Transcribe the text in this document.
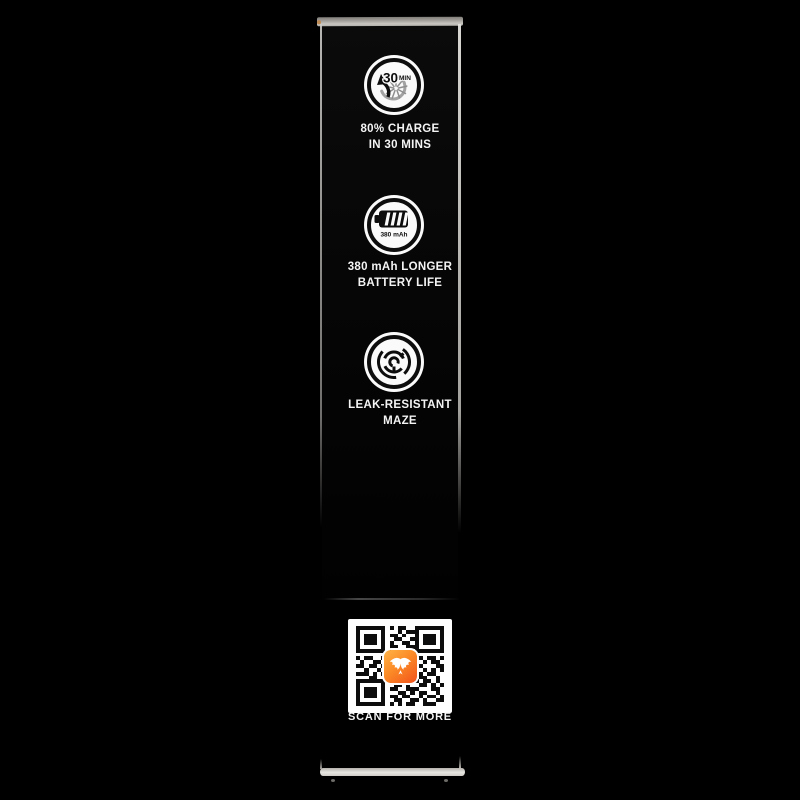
30 MIN
80% CHARGE
IN 30 MINS
380 mAh
380 mAh LONGER
BATTERY LIFE
LEAK-RESISTANT
MAZE
SCAN FOR MORE
